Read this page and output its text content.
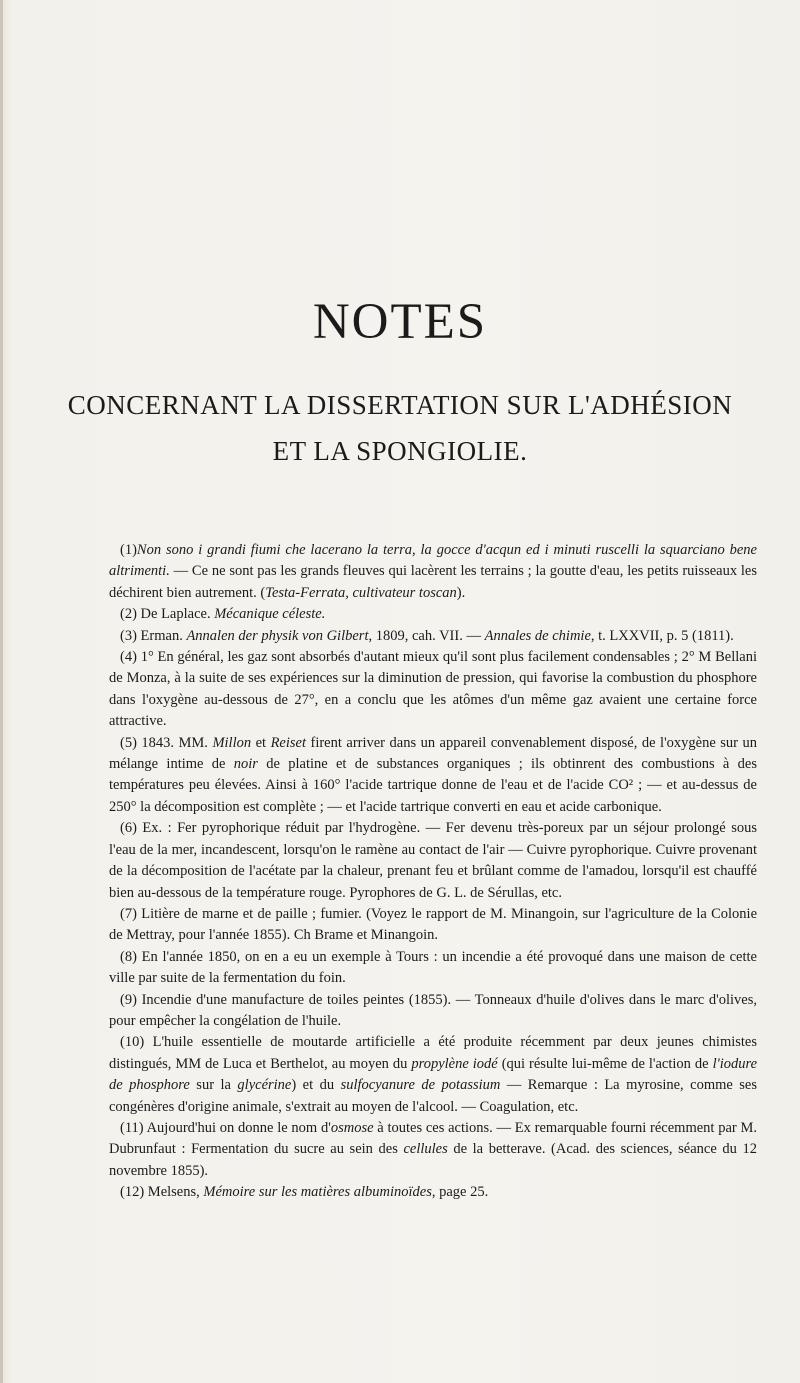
NOTES
CONCERNANT LA DISSERTATION SUR L'ADHÉSION
ET LA SPONGIOLIE.

(1)Non sono i grandi fiumi che lacerano la terra, la gocce d'acqun ed i minuti ruscelli la squarciano bene altrimenti. — Ce ne sont pas les grands fleuves qui lacèrent les terrains ; la goutte d'eau, les petits ruisseaux les déchirent bien autrement. (Testa-Ferrata, cultivateur toscan).

(2) De Laplace. Mécanique céleste.

(3) Erman. Annalen der physik von Gilbert, 1809, cah. VII. — Annales de chimie, t. LXXVII, p. 5 (1811).

(4) 1° En général, les gaz sont absorbés d'autant mieux qu'il sont plus facilement condensables ; 2° M Bellani de Monza, à la suite de ses expériences sur la diminution de pression, qui favorise la combustion du phosphore dans l'oxygène au-dessous de 27°, en a conclu que les atômes d'un même gaz avaient une certaine force attractive.

(5) 1843. MM. Millon et Reiset firent arriver dans un appareil convenablement disposé, de l'oxygène sur un mélange intime de noir de platine et de substances organiques ; ils obtinrent des combustions à des températures peu élevées. Ainsi à 160° l'acide tartrique donne de l'eau et de l'acide CO² ; — et au-dessus de 250° la décomposition est complète ; — et l'acide tartrique converti en eau et acide carbonique.

(6) Ex. : Fer pyrophorique réduit par l'hydrogène. — Fer devenu très-poreux par un séjour prolongé sous l'eau de la mer, incandescent, lorsqu'on le ramène au contact de l'air — Cuivre pyrophorique. Cuivre provenant de la décomposition de l'acétate par la chaleur, prenant feu et brûlant comme de l'amadou, lorsqu'il est chauffé bien au-dessous de la température rouge. Pyrophores de G. L. de Sérullas, etc.

(7) Litière de marne et de paille ; fumier. (Voyez le rapport de M. Minangoin, sur l'agriculture de la Colonie de Mettray, pour l'année 1855). Ch Brame et Minangoin.

(8) En l'année 1850, on en a eu un exemple à Tours : un incendie a été provoqué dans une maison de cette ville par suite de la fermentation du foin.

(9) Incendie d'une manufacture de toiles peintes (1855). — Tonneaux d'huile d'olives dans le marc d'olives, pour empêcher la congélation de l'huile.

(10) L'huile essentielle de moutarde artificielle a été produite récemment par deux jeunes chimistes distingués, MM de Luca et Berthelot, au moyen du propylène iodé (qui résulte lui-même de l'action de l'iodure de phosphore sur la glycérine) et du sulfocyanure de potassium — Remarque : La myrosine, comme ses congénères d'origine animale, s'extrait au moyen de l'alcool. — Coagulation, etc.

(11) Aujourd'hui on donne le nom d'osmose à toutes ces actions. — Ex remarquable fourni récemment par M. Dubrunfaut : Fermentation du sucre au sein des cellules de la betterave. (Acad. des sciences, séance du 12 novembre 1855).

(12) Melsens, Mémoire sur les matières albuminoïdes, page 25.
